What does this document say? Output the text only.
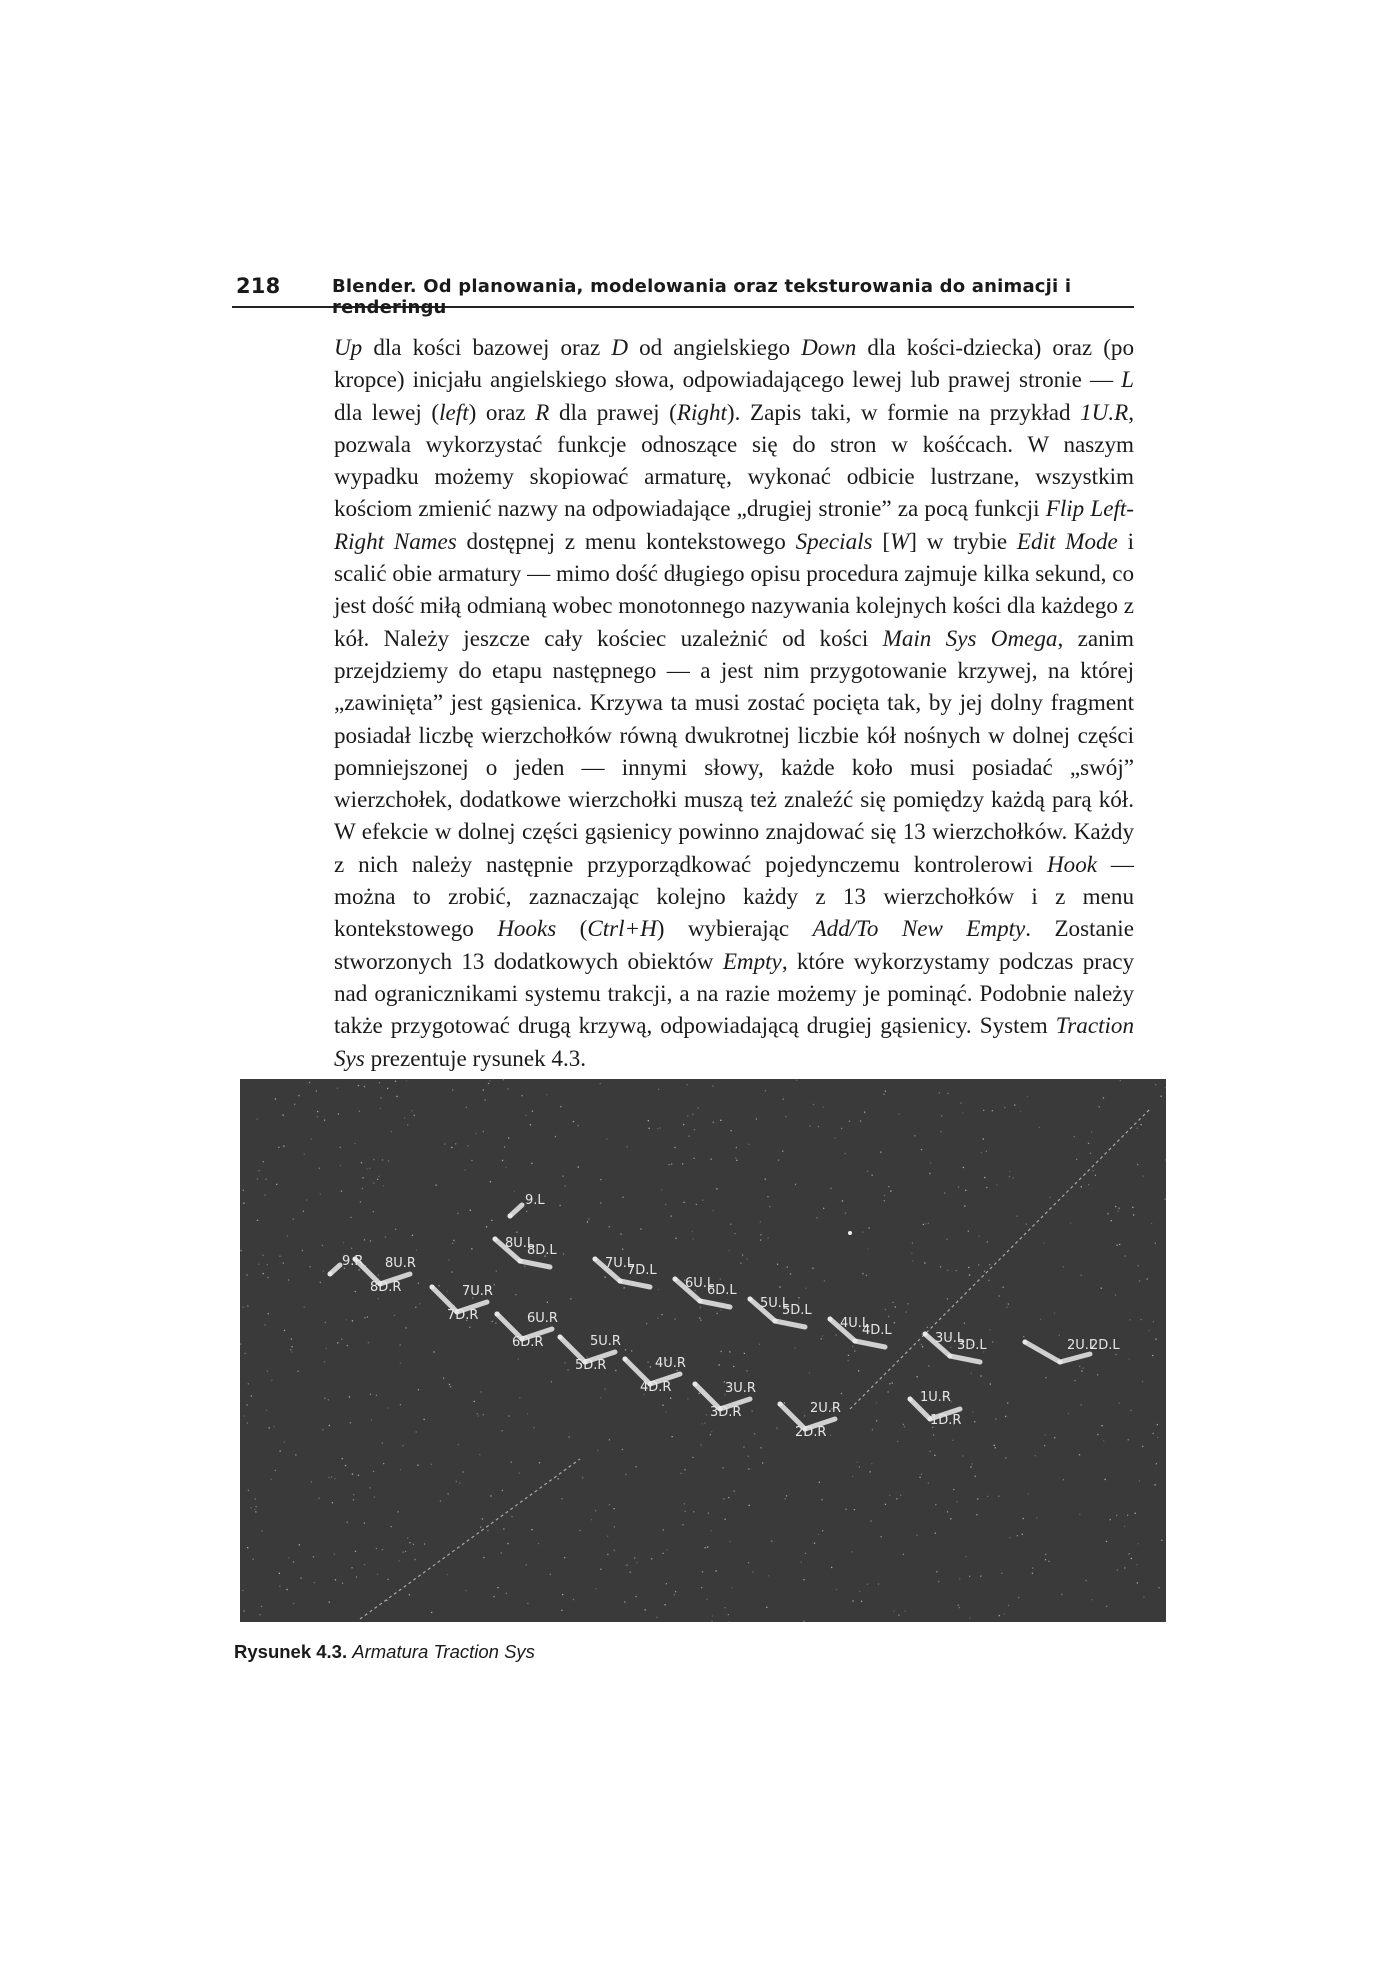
218	Blender. Od planowania, modelowania oraz teksturowania do animacji i renderingu

Up dla kości bazowej oraz D od angielskiego Down dla kości-dziecka) oraz (po kropce) inicjału angielskiego słowa, odpowiadającego lewej lub prawej stronie — L dla lewej (left) oraz R dla prawej (Right). Zapis taki, w formie na przykład 1U.R, pozwala wykorzystać funkcje odnoszące się do stron w kośćcach. W naszym wypadku możemy skopiować armaturę, wykonać odbicie lustrzane, wszystkim kościom zmienić nazwy na odpowiadające „drugiej stronie” za pocą funkcji Flip Left-Right Names dostępnej z menu kontekstowego Specials [W] w trybie Edit Mode i scalić obie armatury — mimo dość długiego opisu procedura zajmuje kilka sekund, co jest dość miłą odmianą wobec monotonnego nazywania kolejnych kości dla każdego z kół. Należy jeszcze cały kościec uzależnić od kości Main Sys Omega, zanim przejdziemy do etapu następnego — a jest nim przygotowanie krzywej, na której „zawinięta” jest gąsienica. Krzywa ta musi zostać pocięta tak, by jej dolny fragment posiadał liczbę wierzchołków równą dwukrotnej liczbie kół nośnych w dolnej części pomniejszonej o jeden — innymi słowy, każde koło musi posiadać „swój” wierzchołek, dodatkowe wierzchołki muszą też znaleźć się pomiędzy każdą parą kół. W efekcie w dolnej części gąsienicy powinno znajdować się 13 wierzchołków. Każdy z nich należy następnie przyporządkować pojedynczemu kontrolerowi Hook — można to zrobić, zaznaczając kolejno każdy z 13 wierzchołków i z menu kontekstowego Hooks (Ctrl+H) wybierając Add/To New Empty. Zostanie stworzonych 13 dodatkowych obiektów Empty, które wykorzystamy podczas pracy nad ogranicznikami systemu trakcji, a na razie możemy je pominąć. Podobnie należy także przygotować drugą krzywą, odpowiadającą drugiej gąsienicy. System Traction Sys prezentuje rysunek 4.3.

9.L
8U.L
8D.L
7U.L
7D.L
6U.L
6D.L
5U.L
5D.L
4U.L
4D.L
3U.L
3D.L	2U.L
2D.L
9.R 8U.R
8D.R	7U.R
7D.R	6U.R
6D.R	5U.R
5D.R	4U.R
4D.R	3U.R
3D.R	2U.R
2D.R
1U.R
1D.R
Rysunek 4.3. Armatura Traction Sys
